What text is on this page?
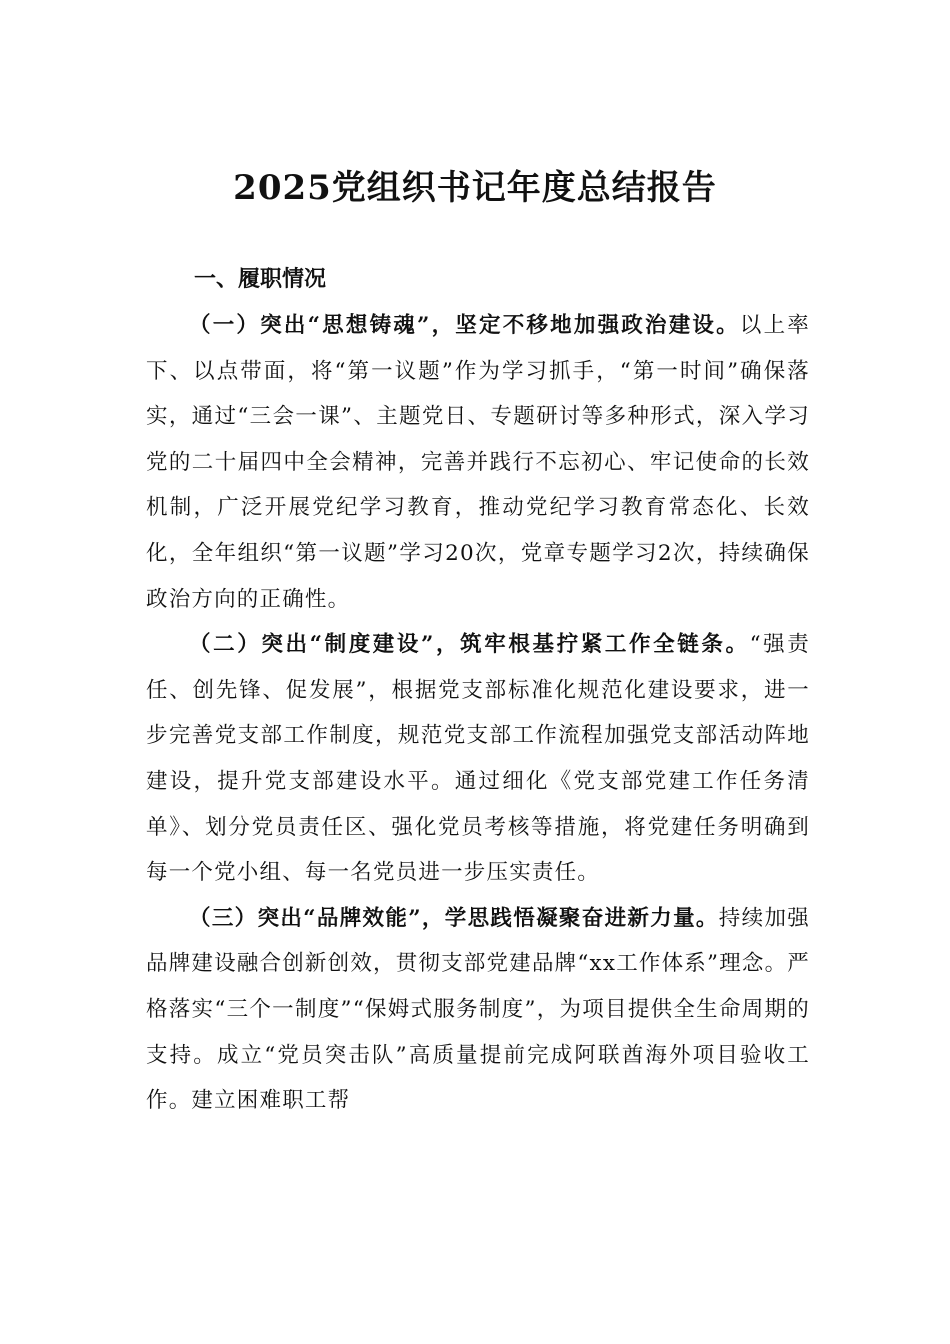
2025党组织书记年度总结报告
一、履职情况

（一）突出“思想铸魂”，坚定不移地加强政治建设。以上率下、以点带面，将“第一议题”作为学习抓手，“第一时间”确保落实，通过“三会一课”、主题党日、专题研讨等多种形式，深入学习党的二十届四中全会精神，完善并践行不忘初心、牢记使命的长效机制，广泛开展党纪学习教育，推动党纪学习教育常态化、长效化，全年组织“第一议题”学习20次，党章专题学习2次，持续确保政治方向的正确性。

（二）突出“制度建设”，筑牢根基拧紧工作全链条。“强责任、创先锋、促发展”，根据党支部标准化规范化建设要求，进一步完善党支部工作制度，规范党支部工作流程加强党支部活动阵地建设，提升党支部建设水平。通过细化《党支部党建工作任务清单》、划分党员责任区、强化党员考核等措施，将党建任务明确到每一个党小组、每一名党员进一步压实责任。

（三）突出“品牌效能”，学思践悟凝聚奋进新力量。持续加强品牌建设融合创新创效，贯彻支部党建品牌“xx工作体系”理念。严格落实“三个一制度”“保姆式服务制度”，为项目提供全生命周期的支持。成立“党员突击队”高质量提前完成阿联酋海外项目验收工作。建立困难职工帮
